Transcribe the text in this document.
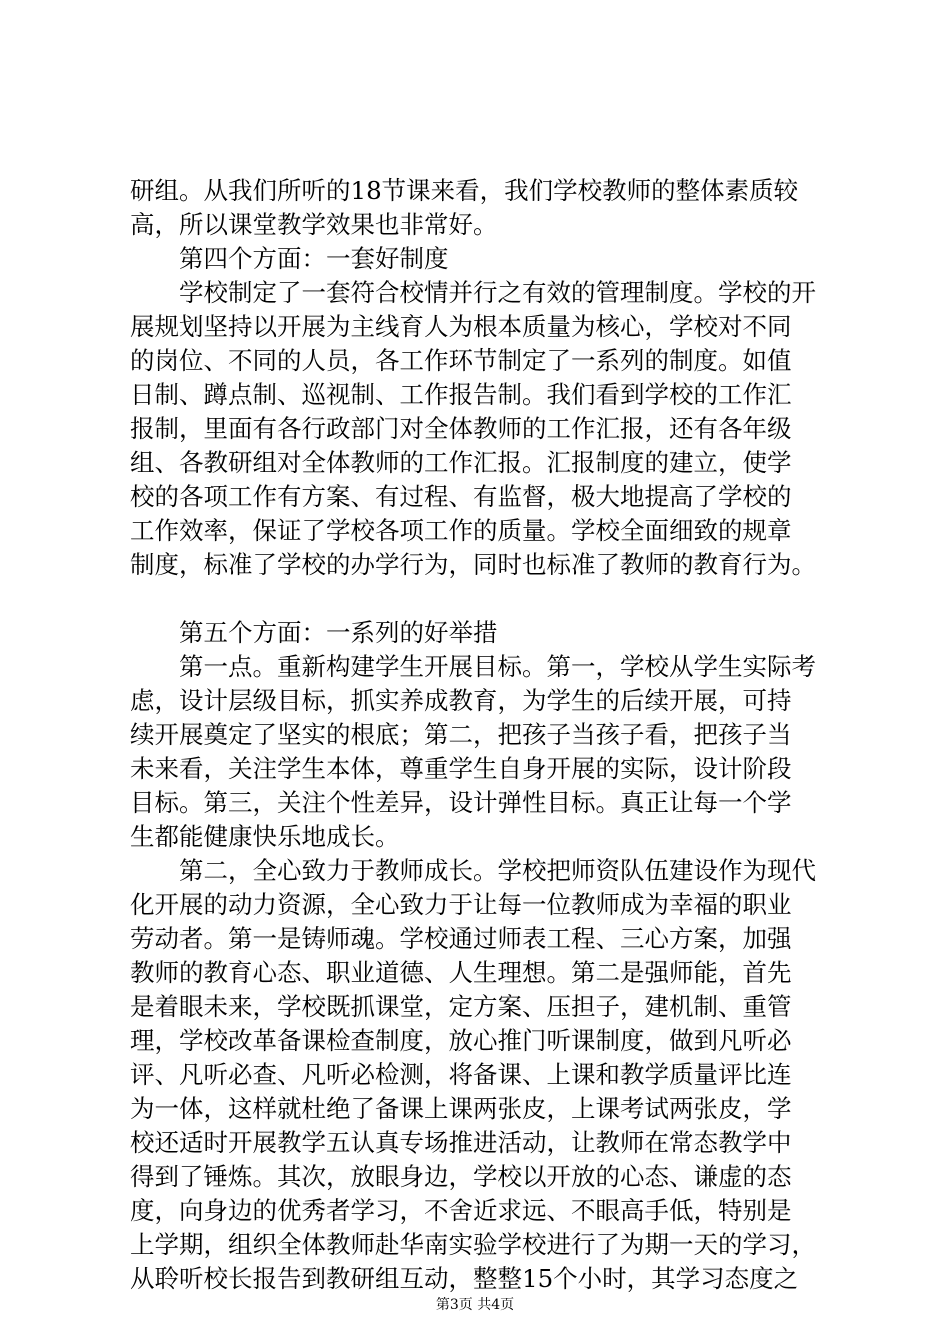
研组。从我们所听的18节课来看，我们学校教师的整体素质较
高，所以课堂教学效果也非常好。
第四个方面：一套好制度
学校制定了一套符合校情并行之有效的管理制度。学校的开
展规划坚持以开展为主线育人为根本质量为核心，学校对不同
的岗位、不同的人员，各工作环节制定了一系列的制度。如值
日制、蹲点制、巡视制、工作报告制。我们看到学校的工作汇
报制，里面有各行政部门对全体教师的工作汇报，还有各年级
组、各教研组对全体教师的工作汇报。汇报制度的建立，使学
校的各项工作有方案、有过程、有监督，极大地提高了学校的
工作效率，保证了学校各项工作的质量。学校全面细致的规章
制度，标准了学校的办学行为，同时也标准了教师的教育行为。
第五个方面：一系列的好举措
第一点。重新构建学生开展目标。第一，学校从学生实际考
虑，设计层级目标，抓实养成教育，为学生的后续开展，可持
续开展奠定了坚实的根底；第二，把孩子当孩子看，把孩子当
未来看，关注学生本体，尊重学生自身开展的实际，设计阶段
目标。第三，关注个性差异，设计弹性目标。真正让每一个学
生都能健康快乐地成长。
第二，全心致力于教师成长。学校把师资队伍建设作为现代
化开展的动力资源，全心致力于让每一位教师成为幸福的职业
劳动者。第一是铸师魂。学校通过师表工程、三心方案，加强
教师的教育心态、职业道德、人生理想。第二是强师能，首先
是着眼未来，学校既抓课堂，定方案、压担子，建机制、重管
理，学校改革备课检查制度，放心推门听课制度，做到凡听必
评、凡听必查、凡听必检测，将备课、上课和教学质量评比连
为一体，这样就杜绝了备课上课两张皮，上课考试两张皮，学
校还适时开展教学五认真专场推进活动，让教师在常态教学中
得到了锤炼。其次，放眼身边，学校以开放的心态、谦虚的态
度，向身边的优秀者学习，不舍近求远、不眼高手低，特别是
上学期，组织全体教师赴华南实验学校进行了为期一天的学习，
从聆听校长报告到教研组互动，整整15个小时，其学习态度之
第3页 共4页
